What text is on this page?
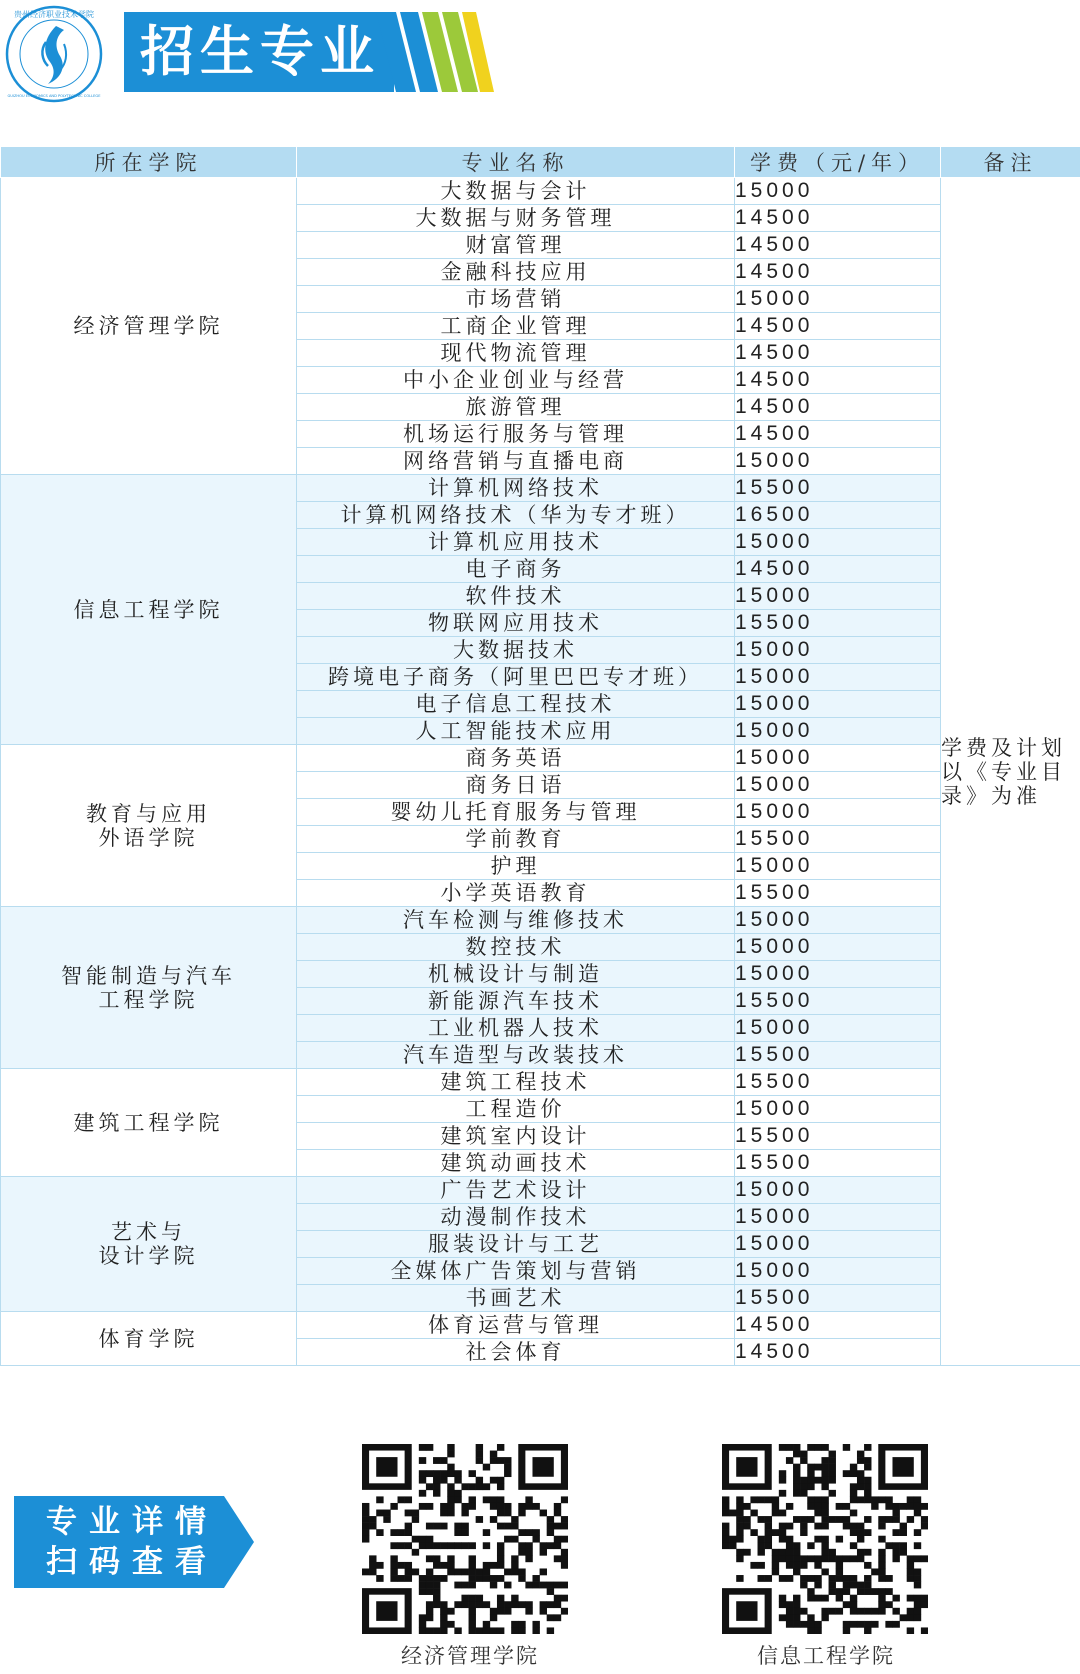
贵州经济职业技术学院
GUIZHOU ECONOMICS AND POLYTECHNIC COLLEGE
招生专业
所在学院	专业名称	学费（元/年）	备注
经济管理学院	大数据与会计	15000	学费及计划以《专业目录》为准
	大数据与财务管理	14500	
	财富管理	14500	
	金融科技应用	14500	
	市场营销	15000	
	工商企业管理	14500	
	现代物流管理	14500	
	中小企业创业与经营	14500	
	旅游管理	14500	
	机场运行服务与管理	14500	
	网络营销与直播电商	15000	
信息工程学院	计算机网络技术	15500	
	计算机网络技术（华为专才班）	16500	
	计算机应用技术	15000	
	电子商务	14500	
	软件技术	15000	
	物联网应用技术	15500	
	大数据技术	15000	
	跨境电子商务（阿里巴巴专才班）	15000	
	电子信息工程技术	15000	
	人工智能技术应用	15000	

教育与应用
外语学院	商务英语	15000	
	商务日语	15000	
	婴幼儿托育服务与管理	15000	
	学前教育	15500	
	护理	15000	
	小学英语教育	15500	

智能制造与汽车
工程学院	汽车检测与维修技术	15000	
	数控技术	15000	
	机械设计与制造	15000	
	新能源汽车技术	15500	
	工业机器人技术	15000	
	汽车造型与改装技术	15500	
建筑工程学院	建筑工程技术	15500	
	工程造价	15000	
	建筑室内设计	15500	
	建筑动画技术	15500	

艺术与
设计学院	广告艺术设计	15000	
	动漫制作技术	15000	
	服装设计与工艺	15000	
	全媒体广告策划与营销	15000	
	书画艺术	15500	
体育学院	体育运营与管理	14500	
	社会体育	14500	
专业详情扫码查看
经济管理学院	信息工程学院
